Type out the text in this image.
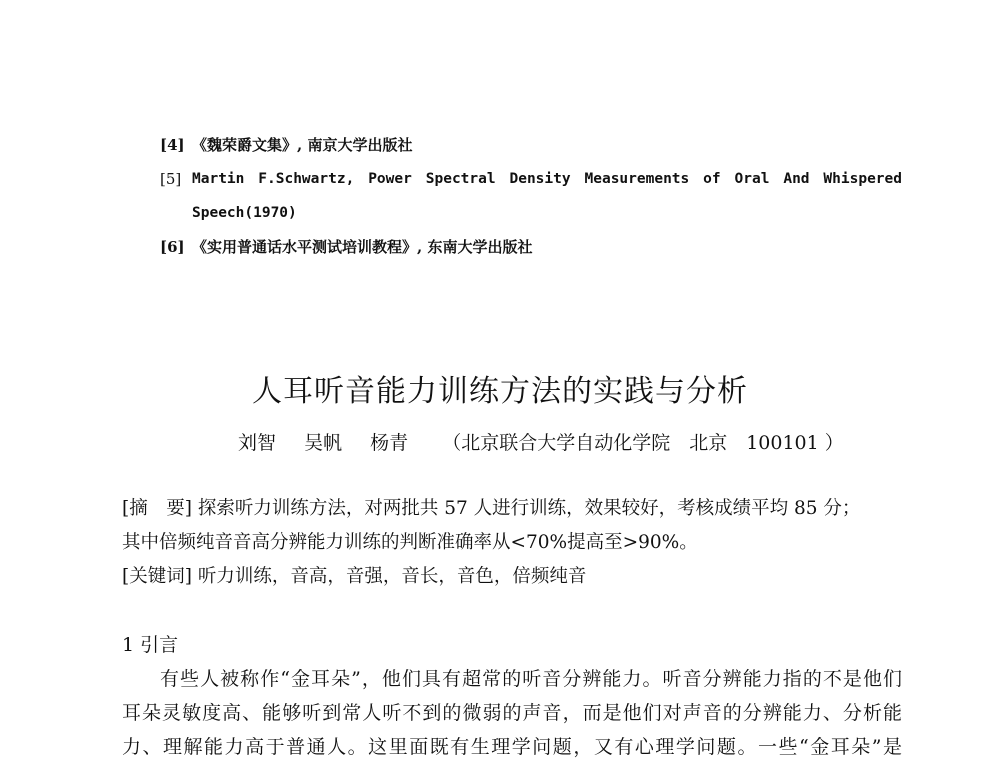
[4] 《魏荣爵文集》, 南京大学出版社
[5] Martin F.Schwartz, Power Spectral Density Measurements of Oral And Whispered
Speech(1970)
[6] 《实用普通话水平测试培训教程》, 东南大学出版社
人耳听音能力训练方法的实践与分析
刘智 吴帆 杨青 （北京联合大学自动化学院　北京　100101 ）
[摘　要] 探索听力训练方法，对两批共 57 人进行训练，效果较好，考核成绩平均 85 分；
其中倍频纯音音高分辨能力训练的判断准确率从<70%提高至>90%。
[关键词] 听力训练，音高，音强，音长，音色，倍频纯音
1 引言
有些人被称作“金耳朵”，他们具有超常的听音分辨能力。听音分辨能力指的不是他们
耳朵灵敏度高、能够听到常人听不到的微弱的声音，而是他们对声音的分辨能力、分析能
力、理解能力高于普通人。这里面既有生理学问题，又有心理学问题。一些“金耳朵”是
